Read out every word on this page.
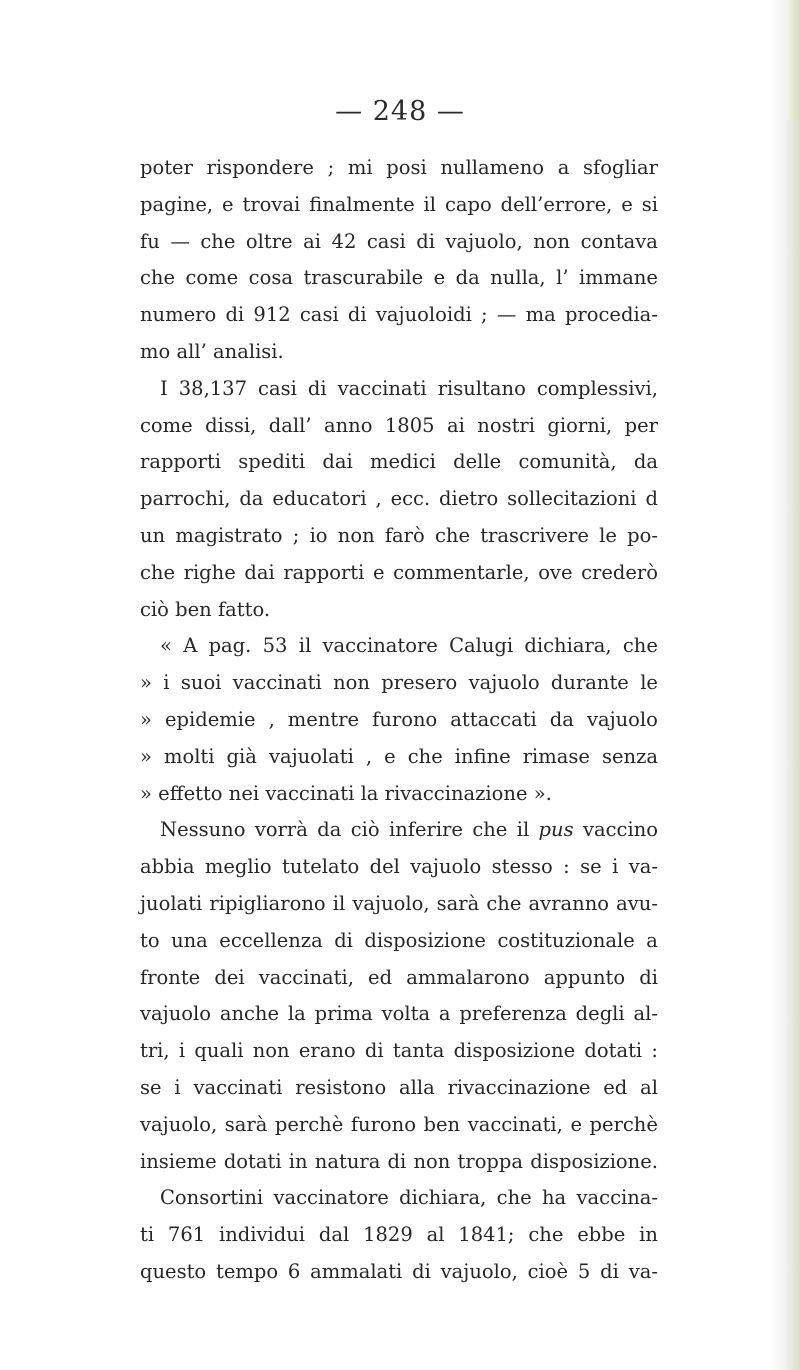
— 248 —
poter rispondere ; mi posi nullameno a sfogliar
pagine, e trovai finalmente il capo dell’errore, e si
fu — che oltre ai 42 casi di vajuolo, non contava
che come cosa trascurabile e da nulla, l’ immane
numero di 912 casi di vajuoloidi ; — ma procedia-
mo all’ analisi.
I 38,137 casi di vaccinati risultano complessivi,
come dissi, dall’ anno 1805 ai nostri giorni, per
rapporti spediti dai medici delle comunità, da
parrochi, da educatori , ecc. dietro sollecitazioni d
un magistrato ; io non farò che trascrivere le po-
che righe dai rapporti e commentarle, ove crederò
ciò ben fatto.
« A pag. 53 il vaccinatore Calugi dichiara, che
» i suoi vaccinati non presero vajuolo durante le
» epidemie , mentre furono attaccati da vajuolo
» molti già vajuolati , e che infine rimase senza
» effetto nei vaccinati la rivaccinazione ».
Nessuno vorrà da ciò inferire che il pus vaccino
abbia meglio tutelato del vajuolo stesso : se i va-
juolati ripigliarono il vajuolo, sarà che avranno avu-
to una eccellenza di disposizione costituzionale a
fronte dei vaccinati, ed ammalarono appunto di
vajuolo anche la prima volta a preferenza degli al-
tri, i quali non erano di tanta disposizione dotati :
se i vaccinati resistono alla rivaccinazione ed al
vajuolo, sarà perchè furono ben vaccinati, e perchè
insieme dotati in natura di non troppa disposizione.
Consortini vaccinatore dichiara, che ha vaccina-
ti 761 individui dal 1829 al 1841; che ebbe in
questo tempo 6 ammalati di vajuolo, cioè 5 di va-
